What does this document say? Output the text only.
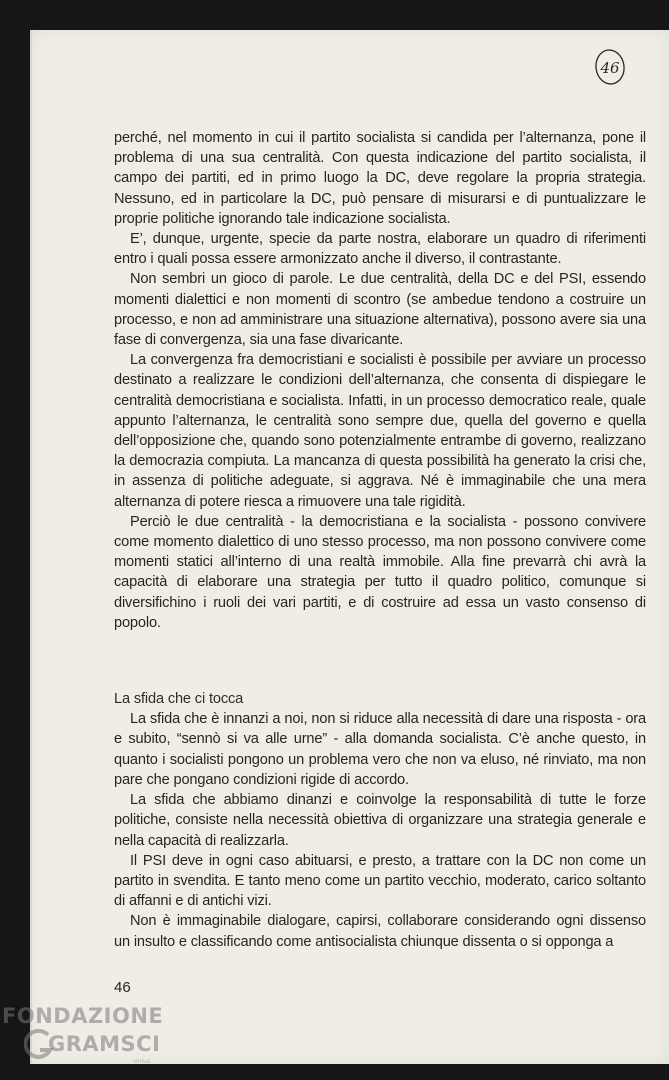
46

perché, nel momento in cui il partito socialista si candida per l’alternanza, pone il problema di una sua centralità. Con questa indicazione del partito socialista, il campo dei partiti, ed in primo luogo la DC, deve regolare la propria strategia. Nessuno, ed in particolare la DC, può pensare di misurarsi e di puntualizzare le proprie politiche ignorando tale indicazione socialista.

E’, dunque, urgente, specie da parte nostra, elaborare un quadro di riferimenti entro i quali possa essere armonizzato anche il diverso, il contrastante.

Non sembri un gioco di parole. Le due centralità, della DC e del PSI, essendo momenti dialettici e non momenti di scontro (se ambedue tendono a costruire un processo, e non ad amministrare una situazione alternativa), possono avere sia una fase di convergenza, sia una fase divaricante.

La convergenza fra democristiani e socialisti è possibile per avviare un processo destinato a realizzare le condizioni dell’alternanza, che consenta di dispiegare le centralità democristiana e socialista. Infatti, in un processo democratico reale, quale appunto l’alternanza, le centralità sono sempre due, quella del governo e quella dell’opposizione che, quando sono potenzialmente entrambe di governo, realizzano la democrazia compiuta. La mancanza di questa possibilità ha generato la crisi che, in assenza di politiche adeguate, si aggrava. Né è immaginabile che una mera alternanza di potere riesca a rimuovere una tale rigidità.

Perciò le due centralità - la democristiana e la socialista - possono convivere come momento dialettico di uno stesso processo, ma non possono convivere come momenti statici all’interno di una realtà immobile. Alla fine prevarrà chi avrà la capacità di elaborare una strategia per tutto il quadro politico, comunque si diversifichino i ruoli dei vari partiti, e di costruire ad essa un vasto consenso di popolo.

La sfida che ci tocca

La sfida che è innanzi a noi, non si riduce alla necessità di dare una risposta - ora e subito, “sennò si va alle urne” - alla domanda socialista. C’è anche questo, in quanto i socialisti pongono un problema vero che non va eluso, né rinviato, ma non pare che pongano condizioni rigide di accordo.

La sfida che abbiamo dinanzi e coinvolge la responsabilità di tutte le forze politiche, consiste nella necessità obiettiva di organizzare una strategia generale e nella capacità di realizzarla.

Il PSI deve in ogni caso abituarsi, e presto, a trattare con la DC non come un partito in svendita. E tanto meno come un partito vecchio, moderato, carico soltanto di affanni e di antichi vizi.

Non è immaginabile dialogare, capirsi, collaborare considerando ogni dissenso un insulto e classificando come antisocialista chiunque dissenta o si opponga a

46
FONDAZIONE
GRAMSCI
onlus
